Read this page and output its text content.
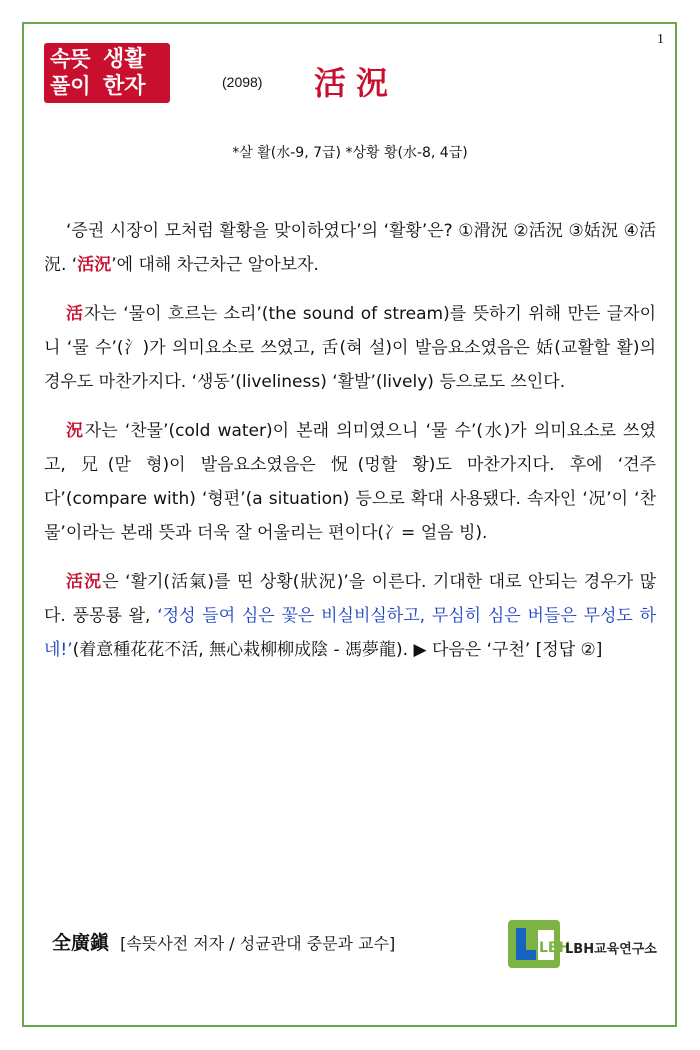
1
속뜻 생활
풀이 한자	(2098) 活況
*살 활(水-9, 7급) *상황 황(水-8, 4급)

‘증권 시장이 모처럼 활황을 맞이하였다’의 ‘활황’은? ①滑況 ②活況 ③姡況 ④活況. ‘活況’에 대해 차근차근 알아보자.

活자는 ‘물이 흐르는 소리’(the sound of stream)를 뜻하기 위해 만든 글자이니 ‘물 수’(氵)가 의미요소로 쓰였고, 舌(혀 설)이 발음요소였음은 姡(교활할 활)의 경우도 마찬가지다. ‘생동’(liveliness) ‘활발’(lively) 등으로도 쓰인다.

況자는 ‘찬물’(cold water)이 본래 의미였으니 ‘물 수’(水)가 의미요소로 쓰였고, 兄(맏 형)이 발음요소였음은 怳(멍할 황)도 마찬가지다. 후에 ‘견주다’(compare with) ‘형편’(a situation) 등으로 확대 사용됐다. 속자인 ‘况’이 ‘찬물’이라는 본래 뜻과 더욱 잘 어울리는 편이다(冫= 얼음 빙).

活況은 ‘활기(活氣)를 띤 상황(狀況)’을 이른다. 기대한 대로 안되는 경우가 많다. 풍몽룡 왈, ‘정성 들여 심은 꽃은 비실비실하고, 무심히 심은 버들은 무성도 하네!’(着意種花花不活, 無心栽柳柳成陰 - 馮夢龍). ▶ 다음은 ‘구천’ [정답 ②]

全廣鎭 [속뜻사전 저자 / 성균관대 중문과 교수]	LBH
LBH교육연구소
